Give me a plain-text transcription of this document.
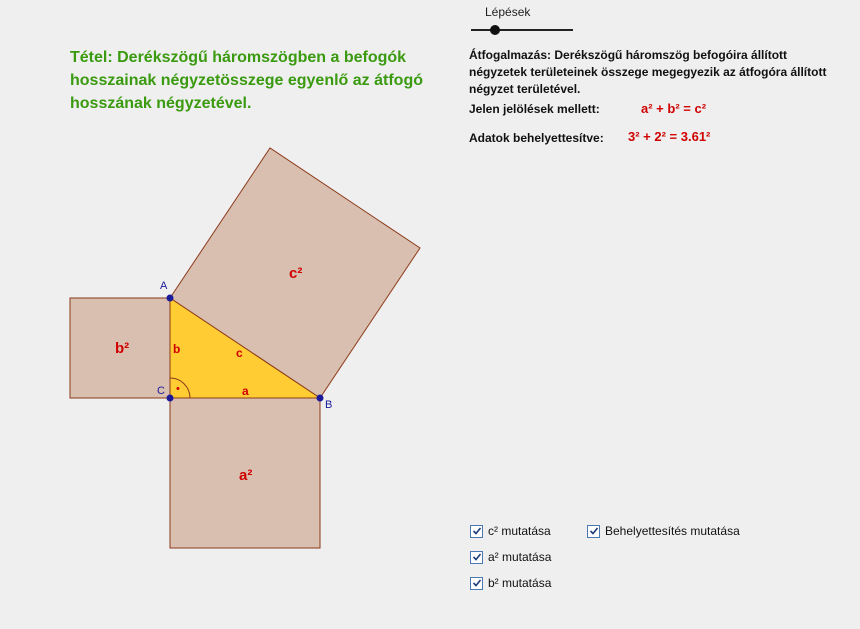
Tétel: Derékszögű háromszögben a befogók hosszainak négyzetösszege egyenlő az átfogó hosszának négyzetével.
Lépések
Átfogalmazás: Derékszögű háromszög befogóira állított négyzetek területeinek összege megegyezik az átfogóra állított négyzet területével.
Jelen jelölések mellett:	a² + b² = c²
Adatok behelyettesítve: 3² + 2² = 3.61²
•
A
B
C	a
b	c
c²
b²
a²
c² mutatása
a² mutatása
b² mutatása
Behelyettesítés mutatása
